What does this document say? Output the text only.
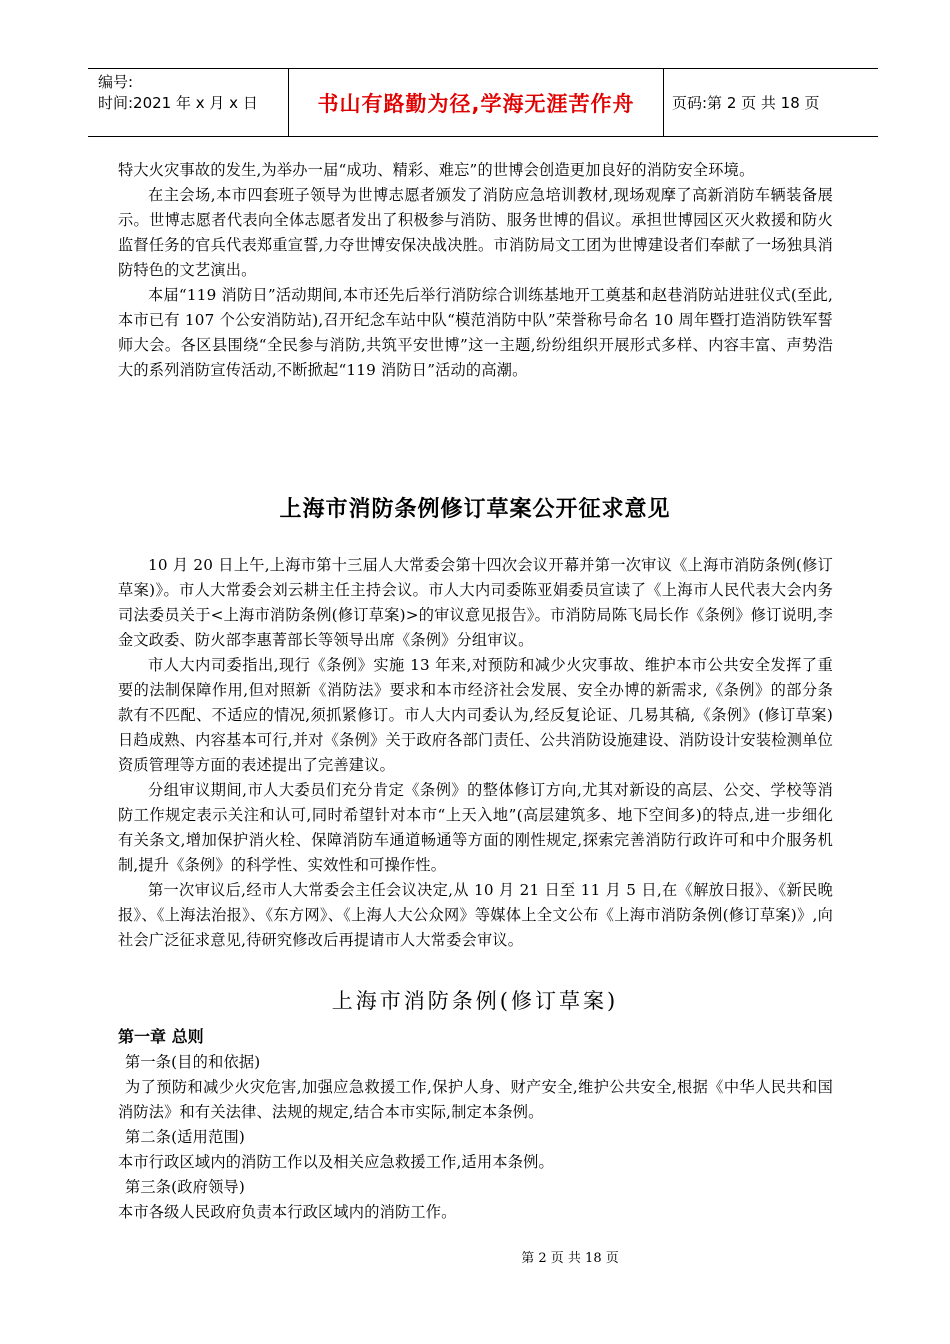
编号:
时间:2021 年 x 月 x 日	书山有路勤为径,学海无涯苦作舟	页码:第 2 页 共 18 页
特大火灾事故的发生,为举办一届“成功、精彩、难忘”的世博会创造更加良好的消防安全环境。
在主会场,本市四套班子领导为世博志愿者颁发了消防应急培训教材,现场观摩了高新消防车辆装备展示。世博志愿者代表向全体志愿者发出了积极参与消防、服务世博的倡议。承担世博园区灭火救援和防火监督任务的官兵代表郑重宣誓,力夺世博安保决战决胜。市消防局文工团为世博建设者们奉献了一场独具消防特色的文艺演出。
本届“119 消防日”活动期间,本市还先后举行消防综合训练基地开工奠基和赵巷消防站进驻仪式(至此,本市已有 107 个公安消防站),召开纪念车站中队“模范消防中队”荣誉称号命名 10 周年暨打造消防铁军誓师大会。各区县围绕“全民参与消防,共筑平安世博”这一主题,纷纷组织开展形式多样、内容丰富、声势浩大的系列消防宣传活动,不断掀起“119 消防日”活动的高潮。
上海市消防条例修订草案公开征求意见
10 月 20 日上午,上海市第十三届人大常委会第十四次会议开幕并第一次审议《上海市消防条例(修订草案)》。市人大常委会刘云耕主任主持会议。市人大内司委陈亚娟委员宣读了《上海市人民代表大会内务司法委员关于<上海市消防条例(修订草案)>的审议意见报告》。市消防局陈飞局长作《条例》修订说明,李金文政委、防火部李惠菁部长等领导出席《条例》分组审议。
市人大内司委指出,现行《条例》实施 13 年来,对预防和减少火灾事故、维护本市公共安全发挥了重要的法制保障作用,但对照新《消防法》要求和本市经济社会发展、安全办博的新需求,《条例》的部分条款有不匹配、不适应的情况,须抓紧修订。市人大内司委认为,经反复论证、几易其稿,《条例》(修订草案)日趋成熟、内容基本可行,并对《条例》关于政府各部门责任、公共消防设施建设、消防设计安装检测单位资质管理等方面的表述提出了完善建议。
分组审议期间,市人大委员们充分肯定《条例》的整体修订方向,尤其对新设的高层、公交、学校等消防工作规定表示关注和认可,同时希望针对本市“上天入地”(高层建筑多、地下空间多)的特点,进一步细化有关条文,增加保护消火栓、保障消防车通道畅通等方面的刚性规定,探索完善消防行政许可和中介服务机制,提升《条例》的科学性、实效性和可操作性。
第一次审议后,经市人大常委会主任会议决定,从 10 月 21 日至 11 月 5 日,在《解放日报》、《新民晚报》、《上海法治报》、《东方网》、《上海人大公众网》等媒体上全文公布《上海市消防条例(修订草案)》,向社会广泛征求意见,待研究修改后再提请市人大常委会审议。
上海市消防条例(修订草案)
第一章 总则
第一条(目的和依据)
为了预防和减少火灾危害,加强应急救援工作,保护人身、财产安全,维护公共安全,根据《中华人民共和国消防法》和有关法律、法规的规定,结合本市实际,制定本条例。
第二条(适用范围)
本市行政区域内的消防工作以及相关应急救援工作,适用本条例。
第三条(政府领导)
本市各级人民政府负责本行政区域内的消防工作。
第 2 页 共 18 页
